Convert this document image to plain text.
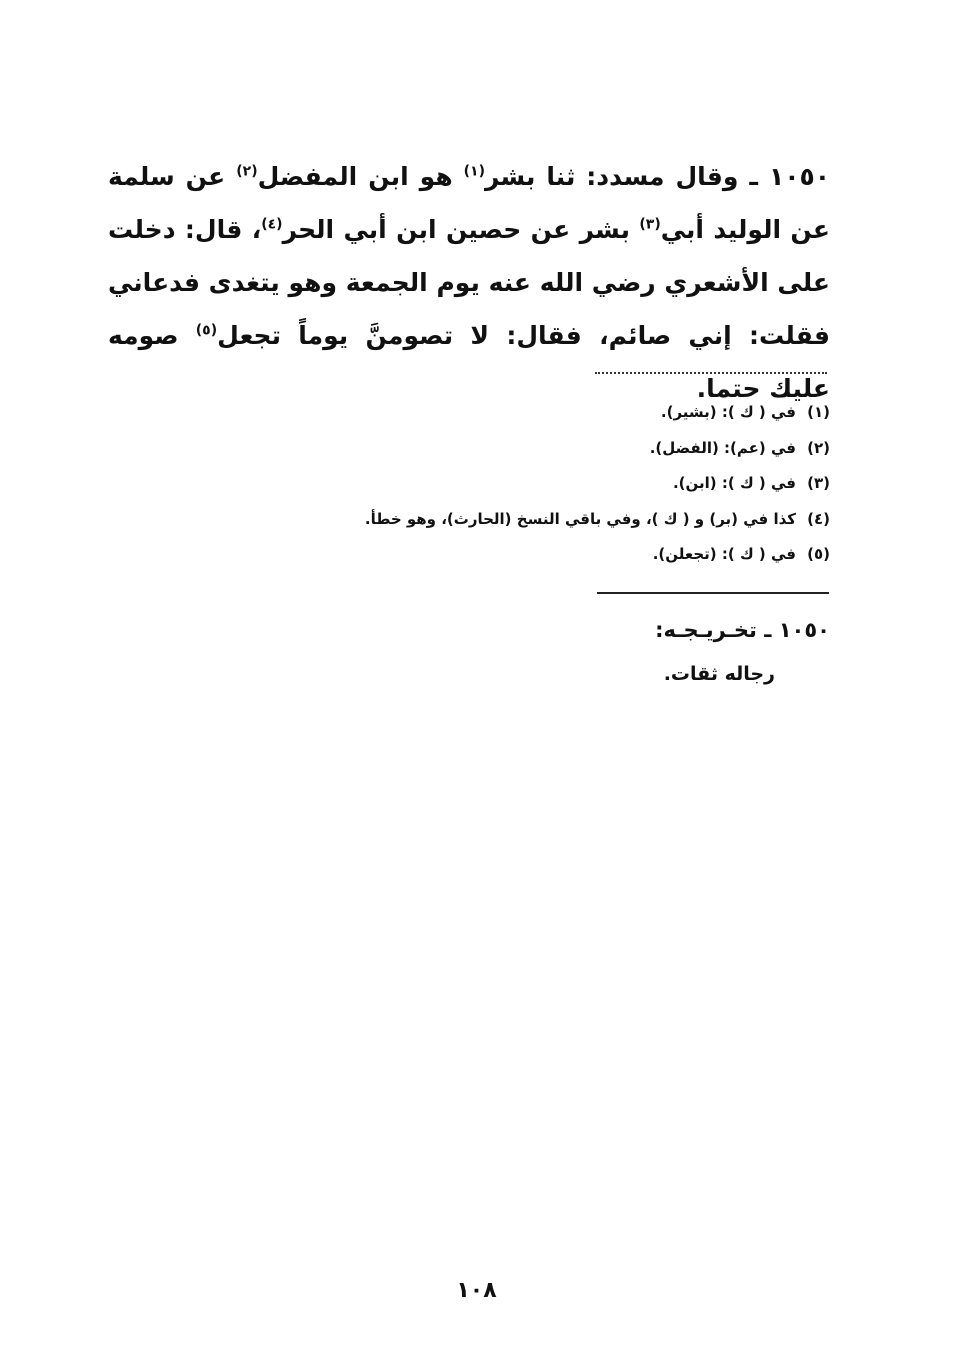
١٠٥٠ ـ وقال مسدد: ثنا بشر$^{(١)}$ هو ابن المفضل$^{(٢)}$ عن سلمة عن الوليد أبي$^{(٣)}$ بشر عن حصين ابن أبي الحر$^{(٤)}$، قال: دخلت على الأشعري رضي الله عنه يوم الجمعة وهو يتغدى فدعاني فقلت: إني صائم، فقال: لا تصومنَّ يوماً تجعل$^{(٥)}$ صومه عليك حتما.

(١)في ( ك ): (بشير).
(٢)في (عم): (الفضل).
(٣)في ( ك ): (ابن).
(٤)كذا في (بر) و ( ك )، وفي باقي النسخ (الحارث)، وهو خطأ.
(٥)في ( ك ): (تجعلن).
١٠٥٠ ـ تخـريـجـه:
رجاله ثقات.
١٠٨
